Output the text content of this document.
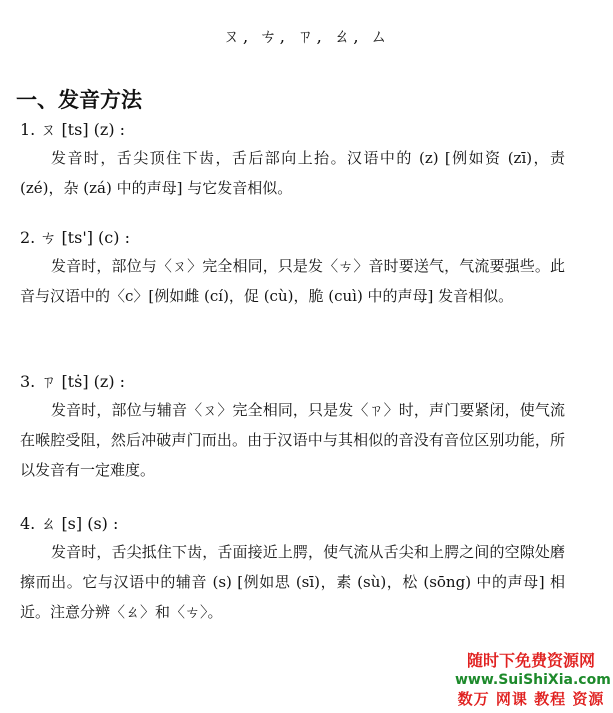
ㄡ, ㄘ, ㄗ, ㄠ, ㄙ
一、发音方法
1. ㄡ [ts] (z) :
发音时，舌尖顶住下齿，舌后部向上抬。汉语中的 (z) [例如资 (zī)，责 (zé)，杂 (zá) 中的声母] 与它发音相似。
2. ㄘ [ts'] (c) :
发音时，部位与〈ㄡ〉完全相同，只是发〈ㄘ〉音时要送气，气流要强些。此音与汉语中的〈c〉[例如雌 (cí)，促 (cù)，脆 (cuì) 中的声母] 发音相似。
3. ㄗ [tṡ] (z) :
发音时，部位与辅音〈ㄡ〉完全相同，只是发〈ㄗ〉时，声门要紧闭，使气流在喉腔受阻，然后冲破声门而出。由于汉语中与其相似的音没有音位区别功能，所以发音有一定难度。
4. ㄠ [s] (s) :
发音时，舌尖抵住下齿，舌面接近上腭，使气流从舌尖和上腭之间的空隙处磨擦而出。它与汉语中的辅音 (s) [例如思 (sī)，素 (sù)，松 (sōng) 中的声母] 相近。注意分辨〈ㄠ〉和〈ㄘ〉。
随时下免费资源网
www.SuiShiXia.com
数万 网课 教程 资源
